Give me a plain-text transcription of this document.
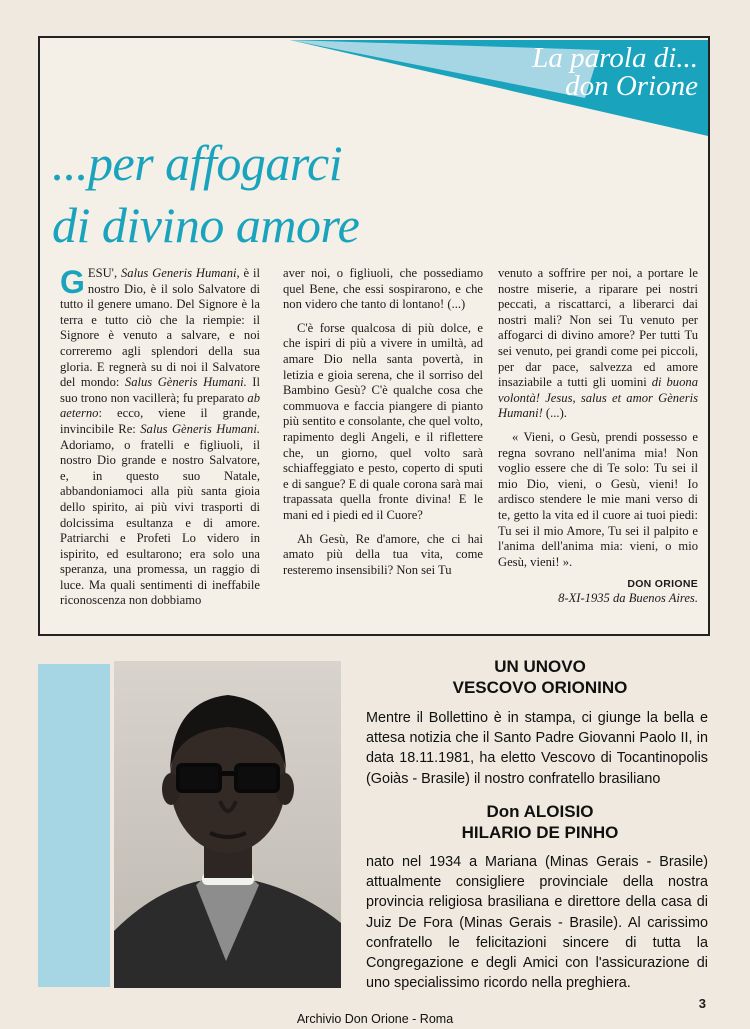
La parola di...
don Orione
...per affogarci
di divino amore

GESU', Salus Generis Humani, è il nostro Dio, è il solo Salvatore di tutto il genere umano. Del Signore è la terra e tutto ciò che la riempie: il Signore è venuto a salvare, e noi correremo agli splendori della sua gloria. E regnerà su di noi il Salvatore del mondo: Salus Gèneris Humani. Il suo trono non vacillerà; fu preparato ab aeterno: ecco, viene il grande, invincibile Re: Salus Gèneris Humani. Adoriamo, o fratelli e figliuoli, il nostro Dio grande e nostro Salvatore, e, in questo suo Natale, abbandoniamoci alla più santa gioia dello spirito, ai più vivi trasporti di dolcissima esultanza e di amore. Patriarchi e Profeti Lo videro in ispirito, ed esultarono; era solo una speranza, una promessa, un raggio di luce. Ma quali sentimenti di ineffabile riconoscenza non dobbiamo

aver noi, o figliuoli, che possediamo quel Bene, che essi sospirarono, e che non videro che tanto di lontano! (...)

C'è forse qualcosa di più dolce, e che ispiri di più a vivere in umiltà, ad amare Dio nella santa povertà, in letizia e gioia serena, che il sorriso del Bambino Gesù? C'è qualche cosa che commuova e faccia piangere di pianto più sentito e consolante, che quel volto, rapimento degli Angeli, e il riflettere che, un giorno, quel volto sarà schiaffeggiato e pesto, coperto di sputi e di sangue? E di quale corona sarà mai trapassata quella fronte divina! E le mani ed i piedi ed il Cuore?

Ah Gesù, Re d'amore, che ci hai amato più della tua vita, come resteremo insensibili? Non sei Tu

venuto a soffrire per noi, a portare le nostre miserie, a riparare pei nostri peccati, a riscattarci, a liberarci dai nostri mali? Non sei Tu venuto per affogarci di divino amore? Per tutti Tu sei venuto, pei grandi come pei piccoli, per dar pace, salvezza ed amore insaziabile a tutti gli uomini di buona volontà! Jesus, salus et amor Gèneris Humani! (...).

« Vieni, o Gesù, prendi possesso e regna sovrano nell'anima mia! Non voglio essere che di Te solo: Tu sei il mio Dio, vieni, o Gesù, vieni! Io ardisco stendere le mie mani verso di te, getto la vita ed il cuore ai tuoi piedi: Tu sei il mio Amore, Tu sei il palpito e l'anima dell'anima mia: vieni, o mio Gesù, vieni! ».

DON ORIONE
8-XI-1935 da Buenos Aires.
UN UNOVO
VESCOVO ORIONINO

Mentre il Bollettino è in stampa, ci giunge la bella e attesa notizia che il Santo Padre Giovanni Paolo II, in data 18.11.1981, ha eletto Vescovo di Tocantinopolis (Goiàs - Brasile) il nostro confratello brasiliano

Don ALOISIO
HILARIO DE PINHO

nato nel 1934 a Mariana (Minas Gerais - Brasile) attualmente consigliere provinciale della nostra provincia religiosa brasiliana e direttore della casa di Juiz De Fora (Minas Gerais - Brasile). Al carissimo confratello le felicitazioni sincere di tutta la Congregazione e degli Amici con l'assicurazione di uno specialissimo ricordo nella preghiera.

3

Archivio Don Orione - Roma
